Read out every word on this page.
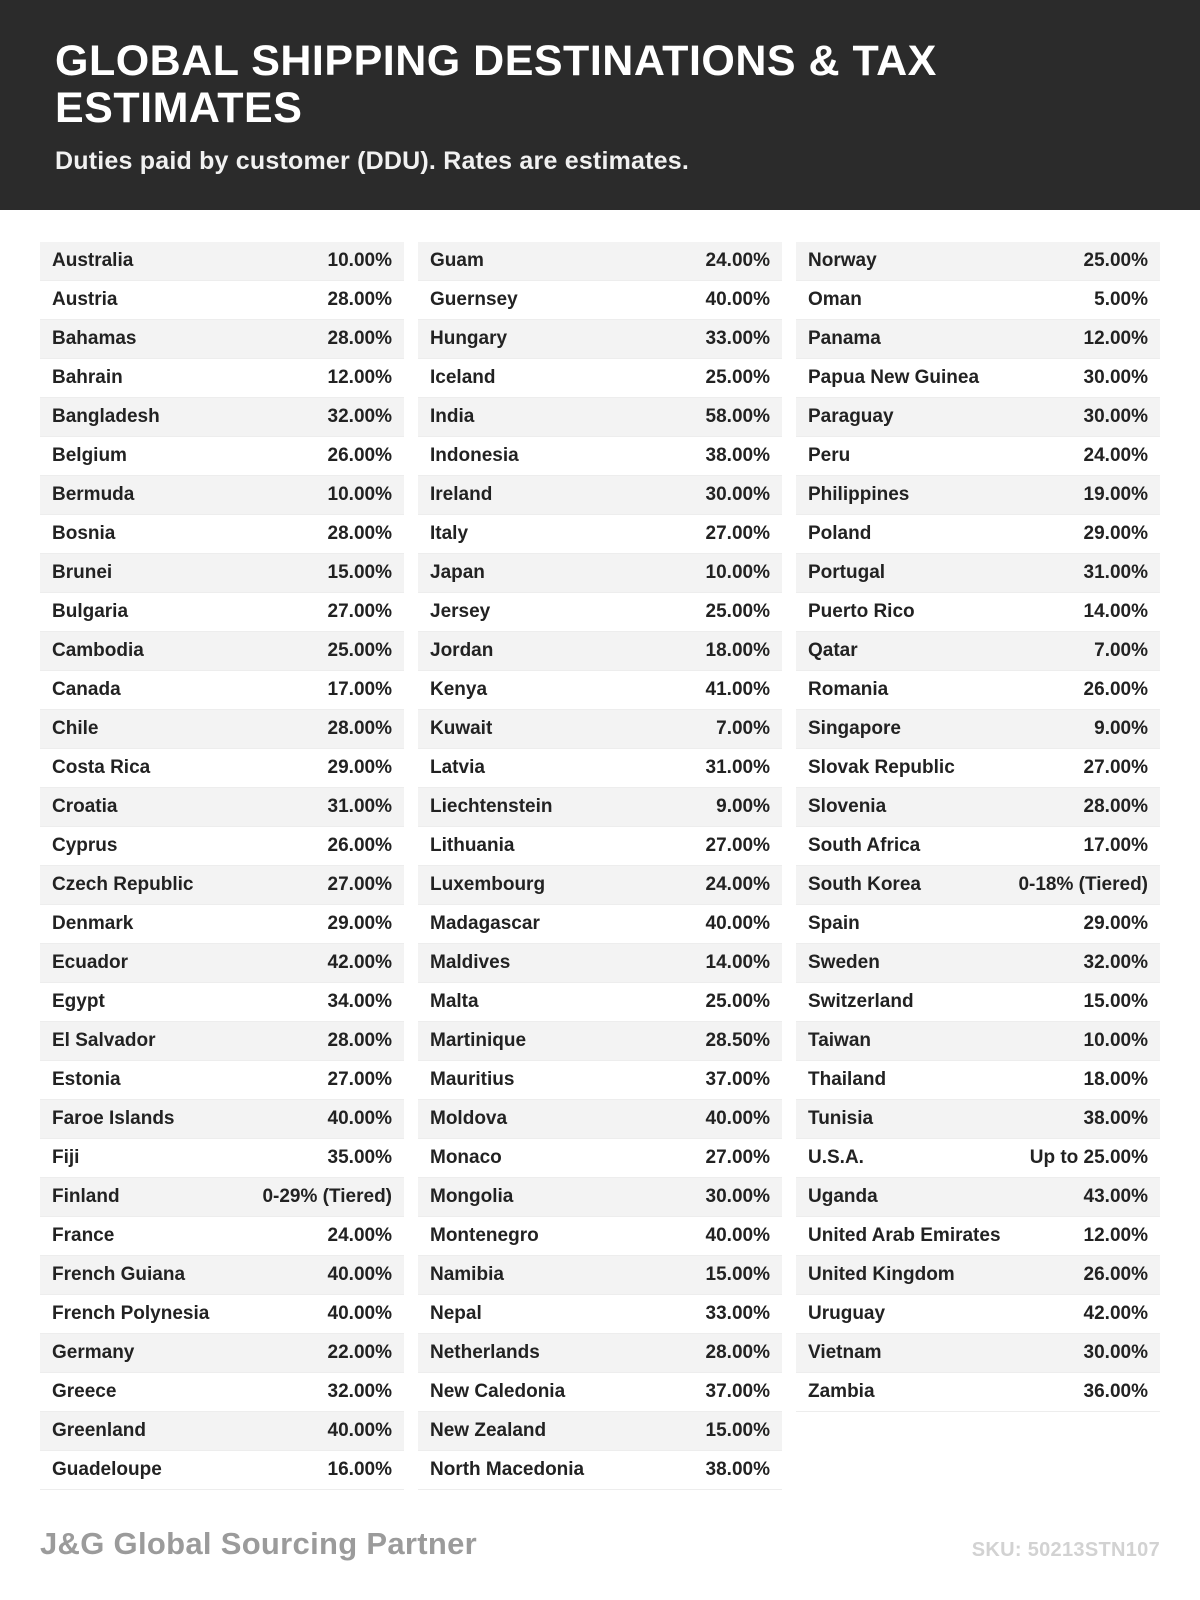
GLOBAL SHIPPING DESTINATIONS & TAX ESTIMATES

Duties paid by customer (DDU). Rates are estimates.

Australia	10.00%
Austria	28.00%
Bahamas	28.00%
Bahrain	12.00%
Bangladesh	32.00%
Belgium	26.00%
Bermuda	10.00%
Bosnia	28.00%
Brunei	15.00%
Bulgaria	27.00%
Cambodia	25.00%
Canada	17.00%
Chile	28.00%
Costa Rica	29.00%
Croatia	31.00%
Cyprus	26.00%
Czech Republic	27.00%
Denmark	29.00%
Ecuador	42.00%
Egypt	34.00%
El Salvador	28.00%
Estonia	27.00%
Faroe Islands	40.00%
Fiji	35.00%
Finland	0-29% (Tiered)
France	24.00%
French Guiana	40.00%
French Polynesia	40.00%
Germany	22.00%
Greece	32.00%
Greenland	40.00%
Guadeloupe	16.00%
Guam	24.00%
Guernsey	40.00%
Hungary	33.00%
Iceland	25.00%
India	58.00%
Indonesia	38.00%
Ireland	30.00%
Italy	27.00%
Japan	10.00%
Jersey	25.00%
Jordan	18.00%
Kenya	41.00%
Kuwait	7.00%
Latvia	31.00%
Liechtenstein	9.00%
Lithuania	27.00%
Luxembourg	24.00%
Madagascar	40.00%
Maldives	14.00%
Malta	25.00%
Martinique	28.50%
Mauritius	37.00%
Moldova	40.00%
Monaco	27.00%
Mongolia	30.00%
Montenegro	40.00%
Namibia	15.00%
Nepal	33.00%
Netherlands	28.00%
New Caledonia	37.00%
New Zealand	15.00%
North Macedonia	38.00%
Norway	25.00%
Oman	5.00%
Panama	12.00%
Papua New Guinea	30.00%
Paraguay	30.00%
Peru	24.00%
Philippines	19.00%
Poland	29.00%
Portugal	31.00%
Puerto Rico	14.00%
Qatar	7.00%
Romania	26.00%
Singapore	9.00%
Slovak Republic	27.00%
Slovenia	28.00%
South Africa	17.00%
South Korea	0-18% (Tiered)
Spain	29.00%
Sweden	32.00%
Switzerland	15.00%
Taiwan	10.00%
Thailand	18.00%
Tunisia	38.00%
U.S.A.	Up to 25.00%
Uganda	43.00%
United Arab Emirates	12.00%
United Kingdom	26.00%
Uruguay	42.00%
Vietnam	30.00%
Zambia	36.00%
J&G Global Sourcing Partner	SKU: 50213STN107
